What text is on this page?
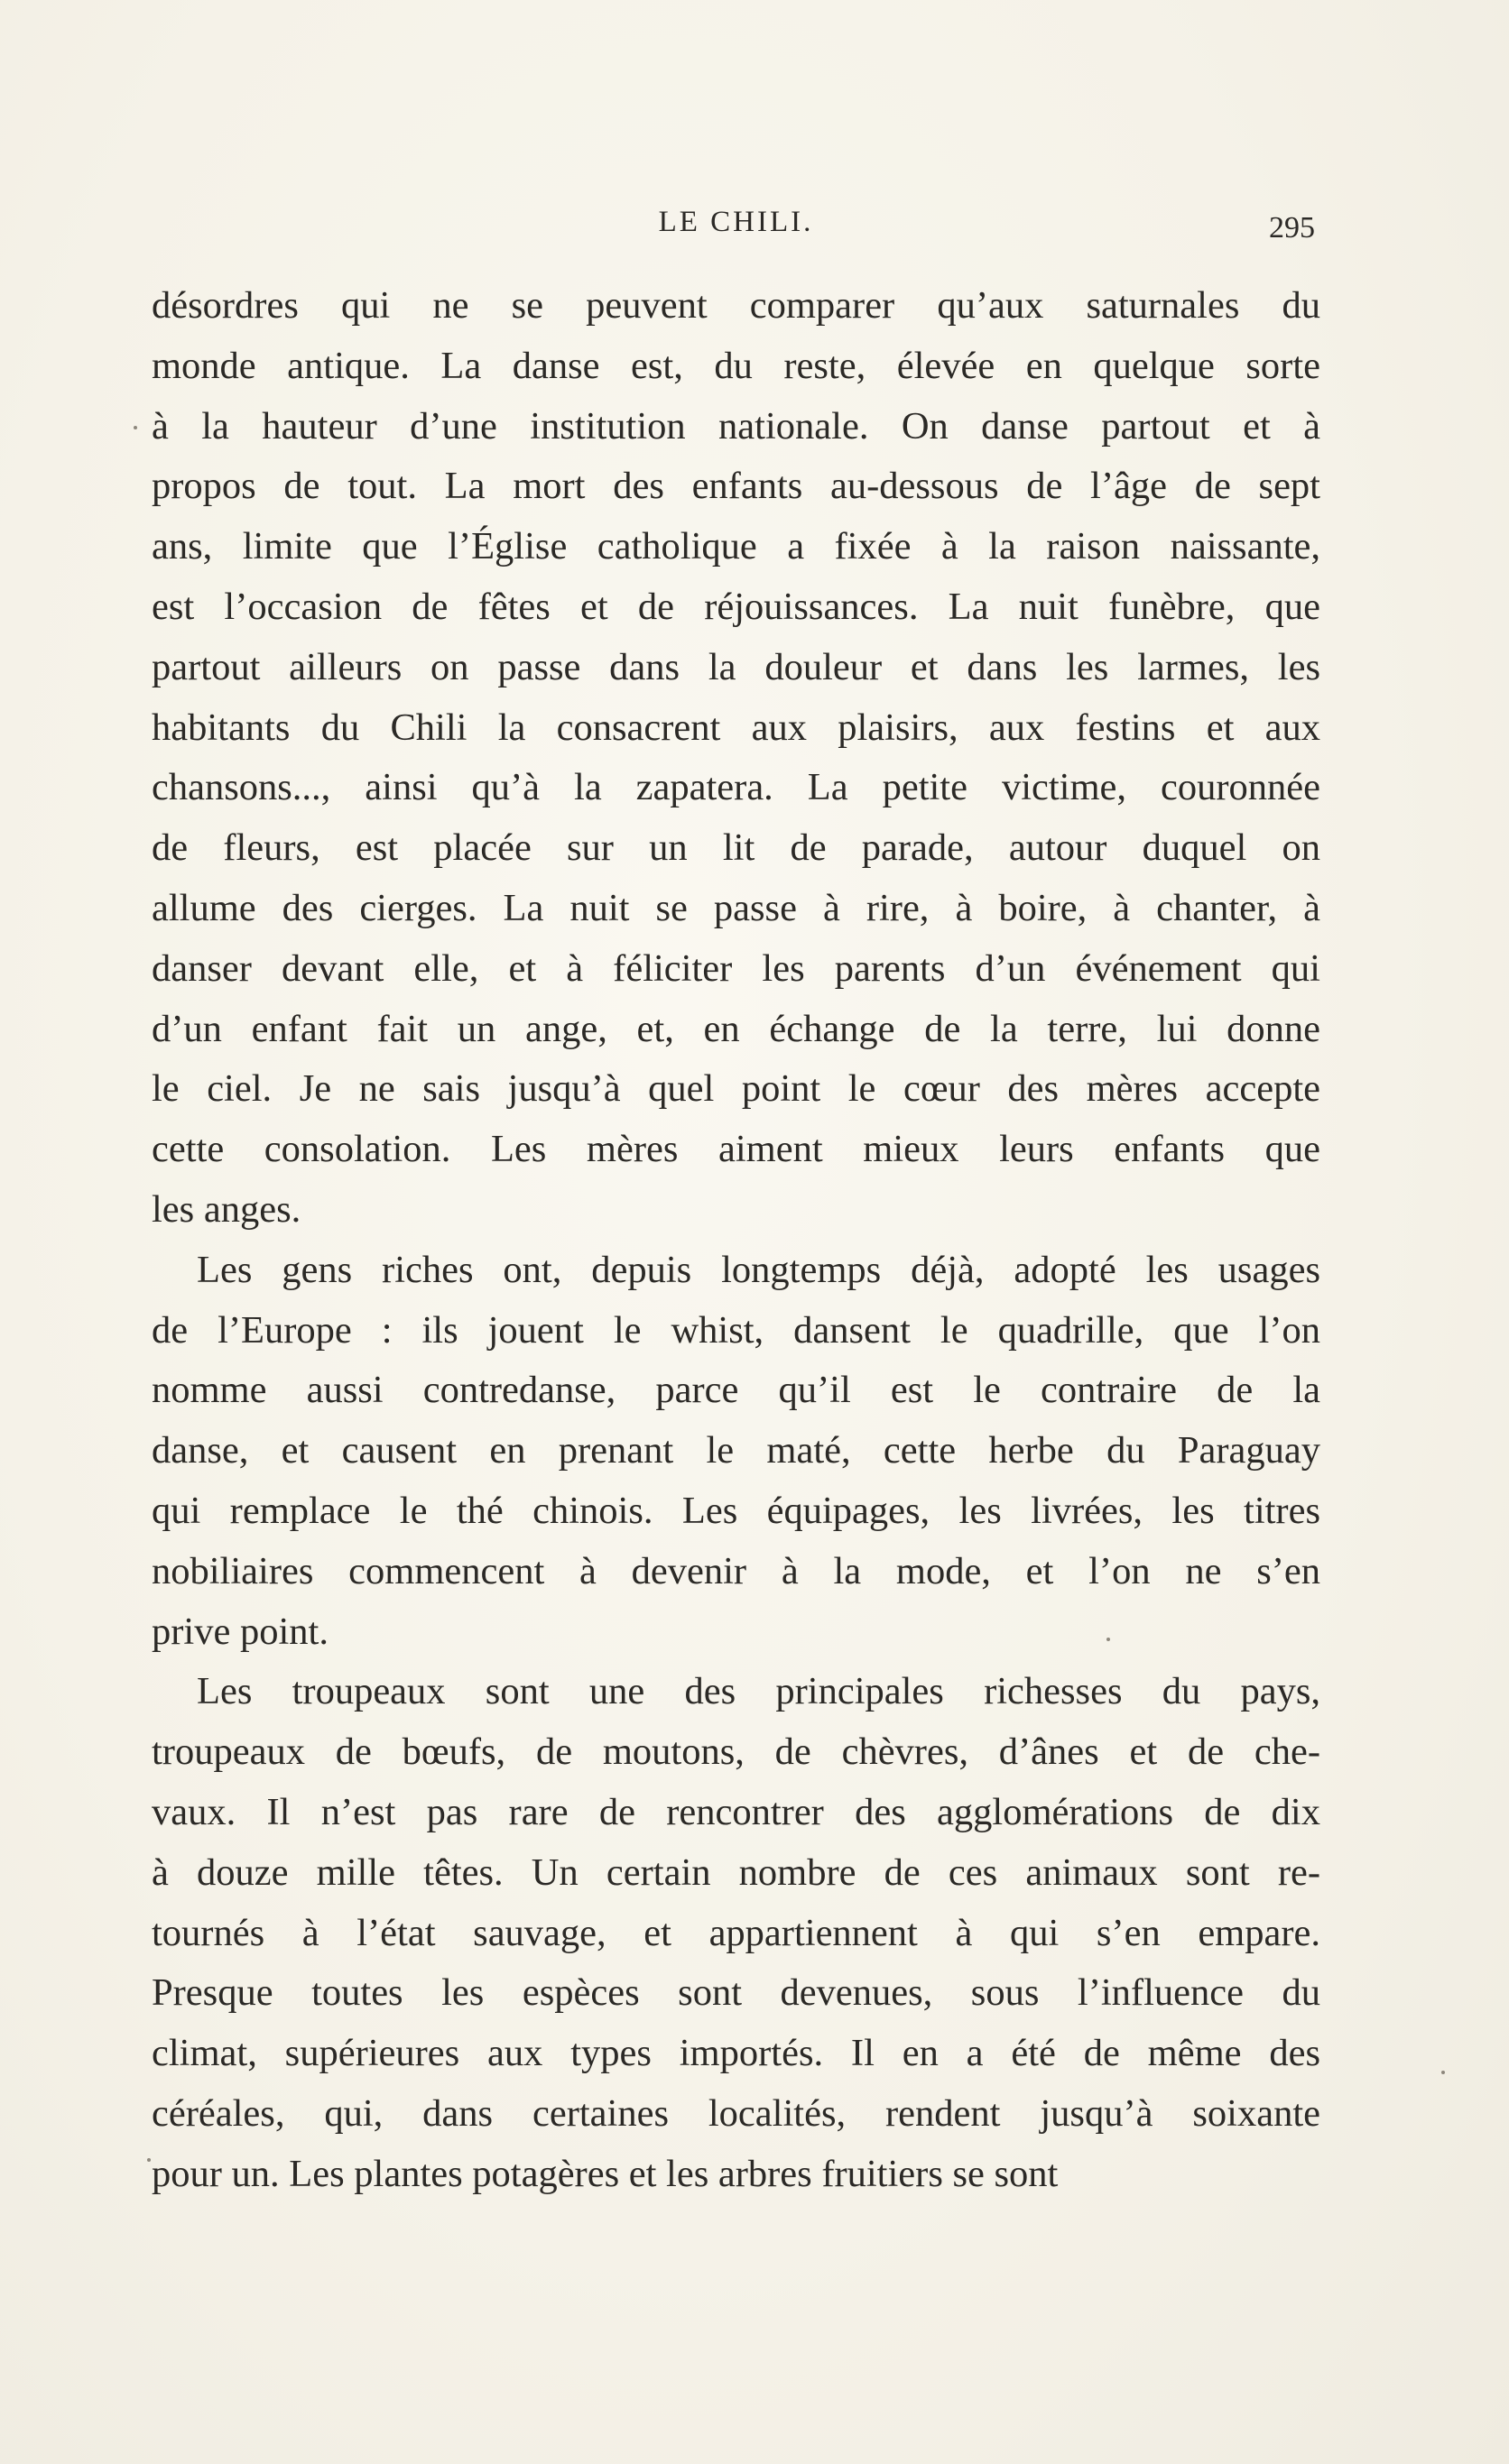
LE CHILI.	295
désordres qui ne se peuvent comparer qu’aux saturnales du
monde antique. La danse est, du reste, élevée en quelque sorte
à la hauteur d’une institution nationale. On danse partout et à
propos de tout. La mort des enfants au-dessous de l’âge de sept
ans, limite que l’Église catholique a fixée à la raison naissante,
est l’occasion de fêtes et de réjouissances. La nuit funèbre, que
partout ailleurs on passe dans la douleur et dans les larmes, les
habitants du Chili la consacrent aux plaisirs, aux festins et aux
chansons..., ainsi qu’à la zapatera. La petite victime, couronnée
de fleurs, est placée sur un lit de parade, autour duquel on
allume des cierges. La nuit se passe à rire, à boire, à chanter, à
danser devant elle, et à féliciter les parents d’un événement qui
d’un enfant fait un ange, et, en échange de la terre, lui donne
le ciel. Je ne sais jusqu’à quel point le cœur des mères accepte
cette consolation. Les mères aiment mieux leurs enfants que
les anges.
Les gens riches ont, depuis longtemps déjà, adopté les usages
de l’Europe : ils jouent le whist, dansent le quadrille, que l’on
nomme aussi contredanse, parce qu’il est le contraire de la
danse, et causent en prenant le maté, cette herbe du Paraguay
qui remplace le thé chinois. Les équipages, les livrées, les titres
nobiliaires commencent à devenir à la mode, et l’on ne s’en
prive point.
Les troupeaux sont une des principales richesses du pays,
troupeaux de bœufs, de moutons, de chèvres, d’ânes et de che-
vaux. Il n’est pas rare de rencontrer des agglomérations de dix
à douze mille têtes. Un certain nombre de ces animaux sont re-
tournés à l’état sauvage, et appartiennent à qui s’en empare.
Presque toutes les espèces sont devenues, sous l’influence du
climat, supérieures aux types importés. Il en a été de même des
céréales, qui, dans certaines localités, rendent jusqu’à soixante
pour un. Les plantes potagères et les arbres fruitiers se sont
